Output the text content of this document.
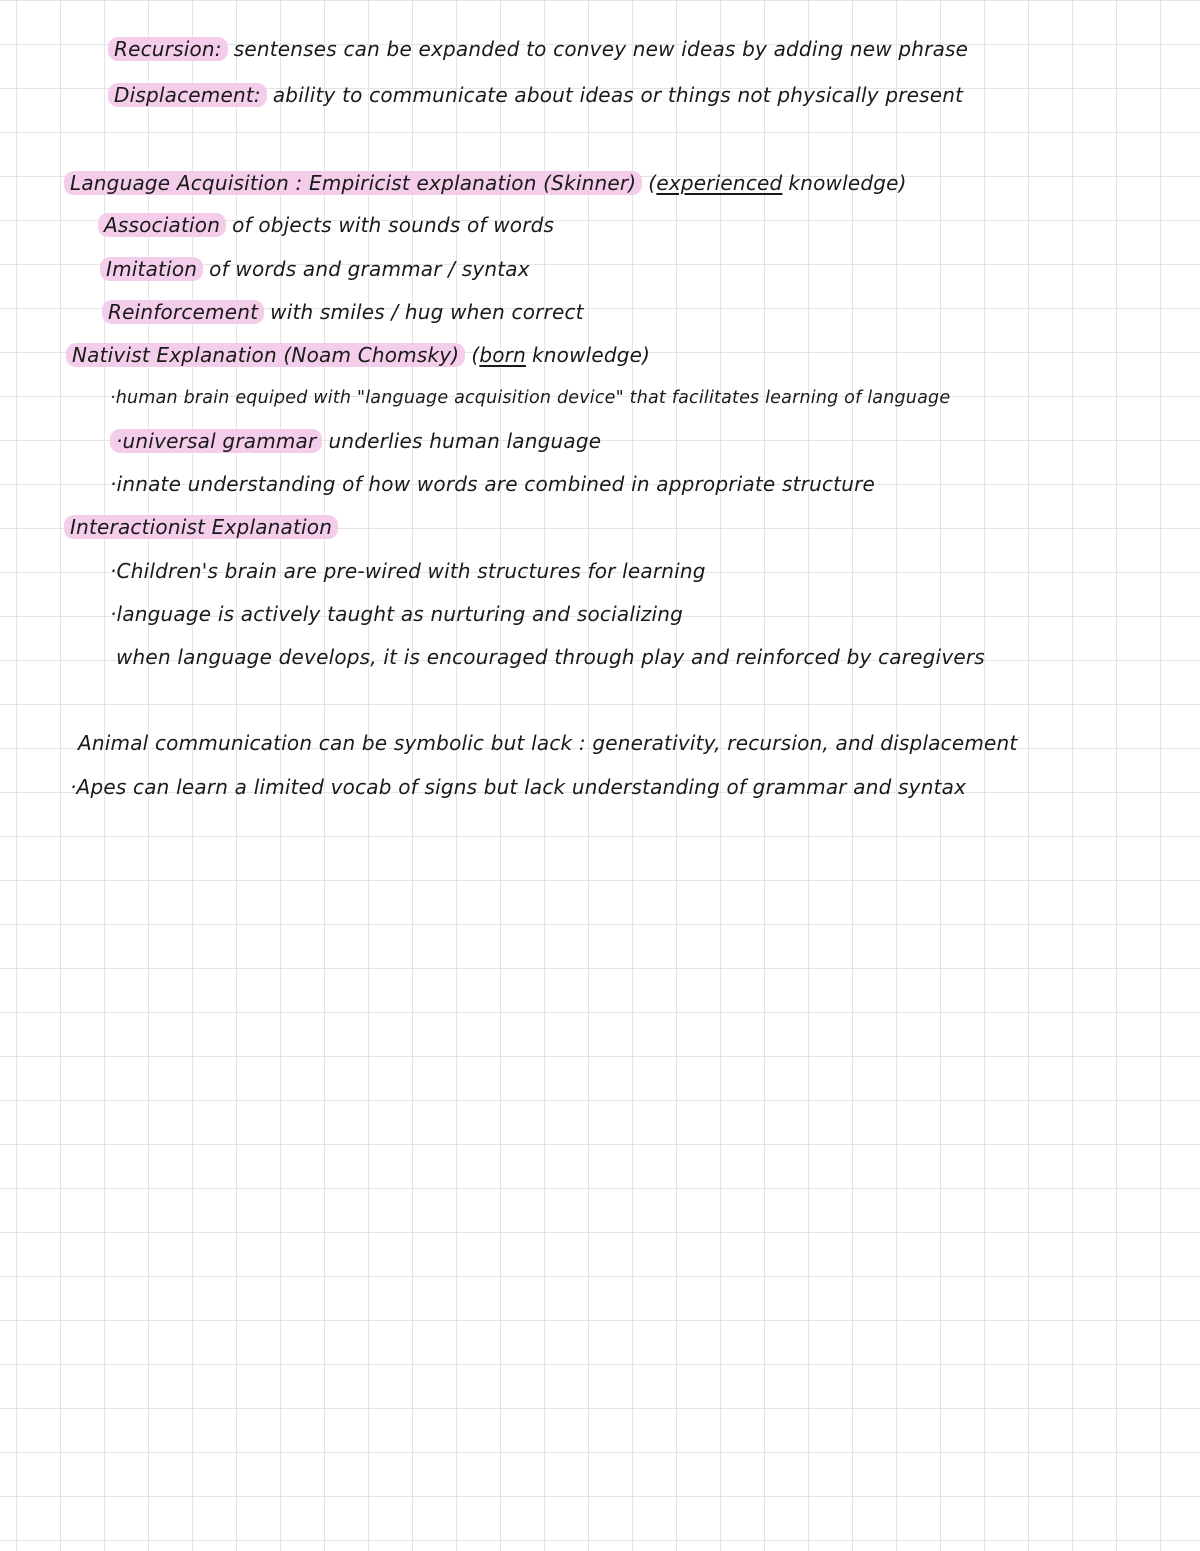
Recursion: sentenses can be expanded to convey new ideas by adding new phrase
Displacement: ability to communicate about ideas or things not physically present
Language Acquisition : Empiricist explanation (Skinner) (experienced knowledge)
Association of objects with sounds of words
Imitation of words and grammar / syntax
Reinforcement with smiles / hug when correct
Nativist Explanation (Noam Chomsky) (born knowledge)
·human brain equiped with "language acquisition device" that facilitates learning of language
·universal grammar underlies human language
·innate understanding of how words are combined in appropriate structure
Interactionist Explanation
·Children's brain are pre-wired with structures for learning
·language is actively taught as nurturing and socializing
when language develops, it is encouraged through play and reinforced by caregivers
Animal communication can be symbolic but lack : generativity, recursion, and displacement
·Apes can learn a limited vocab of signs but lack understanding of grammar and syntax
